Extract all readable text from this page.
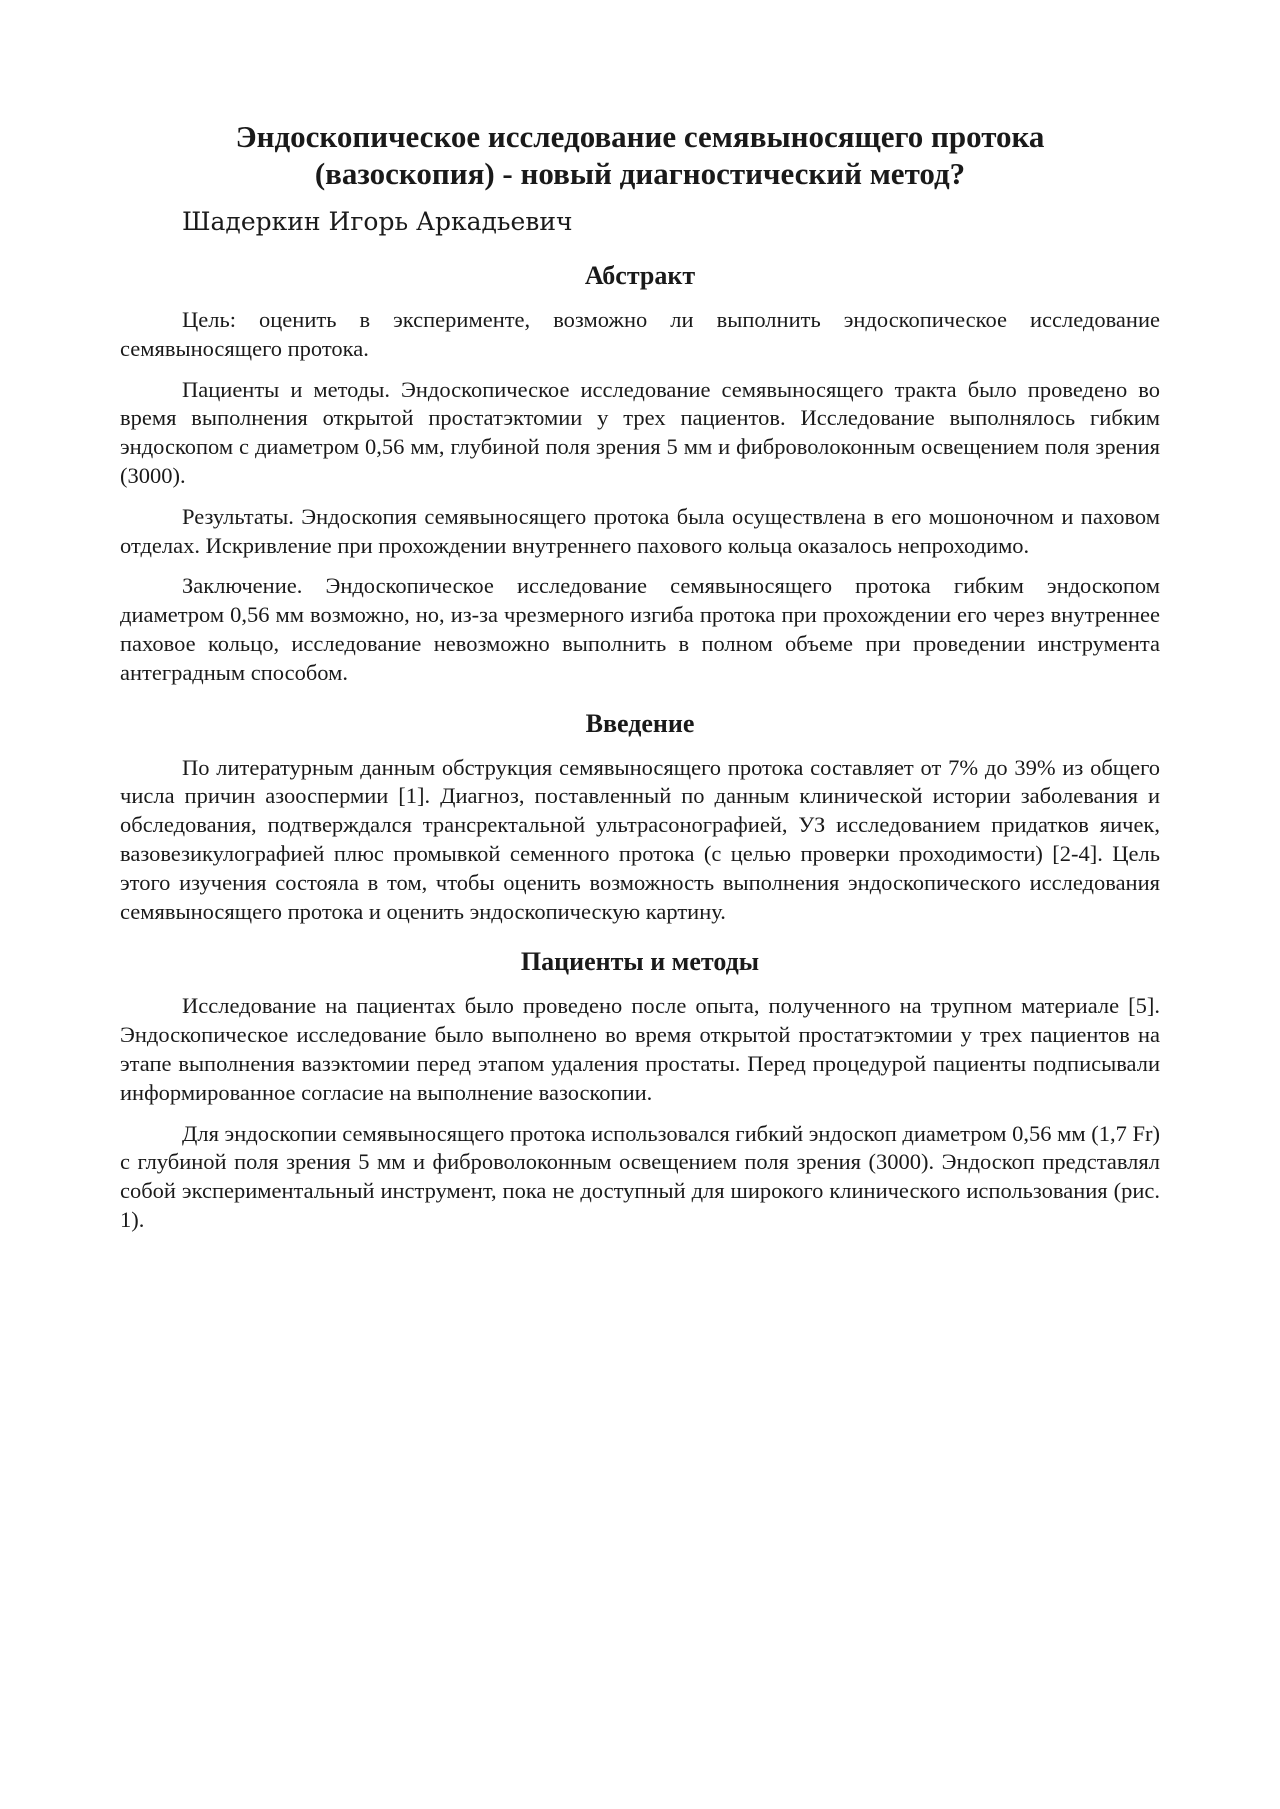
Эндоскопическое исследование семявыносящего протока
(вазоскопия) - новый диагностический метод?
Шадеркин Игорь Аркадьевич
Абстракт

Цель: оценить в эксперименте, возможно ли выполнить эндоскопическое исследование семявыносящего протока.

Пациенты и методы. Эндоскопическое исследование семявыносящего тракта было проведено во время выполнения открытой простатэктомии у трех пациентов. Исследование выполнялось гибким эндоскопом с диаметром 0,56 мм, глубиной поля зрения 5 мм и фиброволоконным освещением поля зрения (3000).

Результаты. Эндоскопия семявыносящего протока была осуществлена в его мошоночном и паховом отделах. Искривление при прохождении внутреннего пахового кольца оказалось непроходимо.

Заключение. Эндоскопическое исследование семявыносящего протока гибким эндоскопом диаметром 0,56 мм возможно, но, из-за чрезмерного изгиба протока при прохождении его через внутреннее паховое кольцо, исследование невозможно выполнить в полном объеме при проведении инструмента антеградным способом.

Введение

По литературным данным обструкция семявыносящего протока составляет от 7% до 39% из общего числа причин азооспермии [1]. Диагноз, поставленный по данным клинической истории заболевания и обследования, подтверждался трансректальной ультрасонографией, УЗ исследованием придатков яичек, вазовезикулографией плюс промывкой семенного протока (с целью проверки проходимости) [2-4]. Цель этого изучения состояла в том, чтобы оценить возможность выполнения эндоскопического исследования семявыносящего протока и оценить эндоскопическую картину.

Пациенты и методы

Исследование на пациентах было проведено после опыта, полученного на трупном материале [5]. Эндоскопическое исследование было выполнено во время открытой простатэктомии у трех пациентов на этапе выполнения вазэктомии перед этапом удаления простаты. Перед процедурой пациенты подписывали информированное согласие на выполнение вазоскопии.

Для эндоскопии семявыносящего протока использовался гибкий эндоскоп диаметром 0,56 мм (1,7 Fr) с глубиной поля зрения 5 мм и фиброволоконным освещением поля зрения (3000). Эндоскоп представлял собой экспериментальный инструмент, пока не доступный для широкого клинического использования (рис. 1).
